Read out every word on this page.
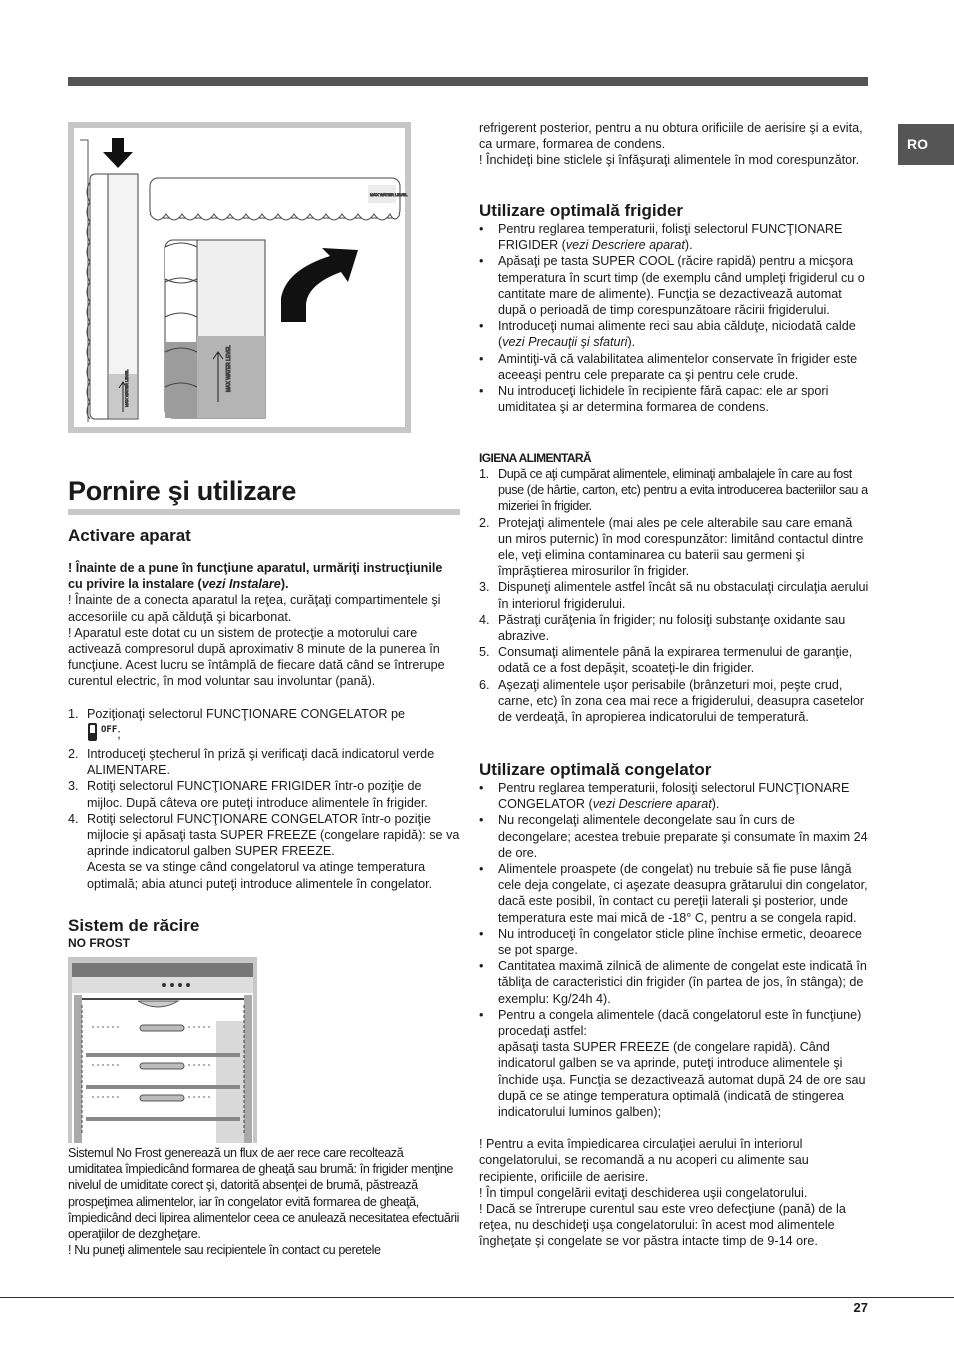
RO
MAX WATER LEVEL
MAX WATER LEVEL
MAX WATER LEVEL
Pornire şi utilizare
Activare aparat

! Înainte de a pune în funcţiune aparatul, urmăriţi instrucţiunile cu privire la instalare (vezi Instalare).

! Înainte de a conecta aparatul la reţea, curăţaţi compartimentele şi accesoriile cu apă călduţă şi bicarbonat.

! Aparatul este dotat cu un sistem de protecţie a motorului care activează compresorul după aproximativ 8 minute de la punerea în funcţiune. Acest lucru se întâmplă de fiecare dată când se întrerupe curentul electric, în mod voluntar sau involuntar (pană).

1. Poziţionaţi selectorul FUNCŢIONARE CONGELATOR pe
$^{OFF}$;
2. Introduceţi ştecherul în priză şi verificaţi dacă indicatorul verde ALIMENTARE.
3. Rotiţi selectorul FUNCŢIONARE FRIGIDER într-o poziţie de mijloc. După câteva ore puteţi introduce alimentele în frigider.
4. Rotiţi selectorul FUNCŢIONARE CONGELATOR într-o poziţie mijlocie şi apăsaţi tasta SUPER FREEZE (congelare rapidă): se va aprinde indicatorul galben SUPER FREEZE.
Acesta se va stinge când congelatorul va atinge temperatura optimală; abia atunci puteţi introduce alimentele în congelator.
Sistem de răcire
NO FROST

Sistemul No Frost generează un flux de aer rece care recoltează umiditatea împiedicând formarea de gheaţă sau brumă: în frigider menţine nivelul de umiditate corect şi, datorită absenţei de brumă, păstrează prospeţimea alimentelor, iar în congelator evită formarea de gheaţă, împiedicând deci lipirea alimentelor ceea ce anulează necesitatea efectuării operaţiilor de dezgheţare.

! Nu puneţi alimentele sau recipientele în contact cu peretele

refrigerent posterior, pentru a nu obtura orificiile de aerisire şi a evita, ca urmare, formarea de condens.

! Închideţi bine sticlele şi înfăşuraţi alimentele în mod corespunzător.

Utilizare optimală frigider
•	Pentru reglarea temperaturii, folisţi selectorul FUNCŢIONARE FRIGIDER (vezi Descriere aparat).
•	Apăsaţi pe tasta SUPER COOL (răcire rapidă) pentru a micşora temperatura în scurt timp (de exemplu când umpleţi frigiderul cu o cantitate mare de alimente). Funcţia se dezactivează automat după o perioadă de timp corespunzătoare răcirii frigiderului.
•	Introduceţi numai alimente reci sau abia călduţe, niciodată calde (vezi Precauţii şi sfaturi).
•	Amintiţi-vă că valabilitatea alimentelor conservate în frigider este aceeaşi pentru cele preparate ca şi pentru cele crude.
•	Nu introduceţi lichidele în recipiente fără capac: ele ar spori umiditatea şi ar determina formarea de condens.
IGIENA ALIMENTARĂ
1. După ce aţi cumpărat alimentele, eliminaţi ambalajele în care au fost puse (de hârtie, carton, etc) pentru a evita introducerea bacteriilor sau a mizeriei în frigider.
2. Protejaţi alimentele (mai ales pe cele alterabile sau care emană un miros puternic) în mod corespunzător: limitând contactul dintre ele, veţi elimina contaminarea cu baterii sau germeni şi împrăştierea mirosurilor în frigider.
3. Dispuneţi alimentele astfel încât să nu obstaculaţi circulaţia aerului în interiorul frigiderului.
4. Păstraţi curăţenia în frigider; nu folosiţi substanţe oxidante sau abrazive.
5. Consumaţi alimentele până la expirarea termenului de garanţie, odată ce a fost depăşit, scoateţi-le din frigider.
6. Aşezaţi alimentele uşor perisabile (brânzeturi moi, peşte crud, carne, etc) în zona cea mai rece a frigiderului, deasupra casetelor de verdeaţă, în apropierea indicatorului de temperatură.
Utilizare optimală congelator
•	Pentru reglarea temperaturii, folosiţi selectorul FUNCŢIONARE CONGELATOR (vezi Descriere aparat).
•	Nu recongelaţi alimentele decongelate sau în curs de decongelare; acestea trebuie preparate şi consumate în maxim 24 de ore.
•	Alimentele proaspete (de congelat) nu trebuie să fie puse lângă cele deja congelate, ci aşezate deasupra grătarului din congelator, dacă este posibil, în contact cu pereţii laterali şi posterior, unde temperatura este mai mică de -18° C, pentru a se congela rapid.
•	Nu introduceţi în congelator sticle pline închise ermetic, deoarece se pot sparge.
•	Cantitatea maximă zilnică de alimente de congelat este indicată în tăbliţa de caracteristici din frigider (în partea de jos, în stânga); de exemplu: Kg/24h 4).
•	Pentru a congela alimentele (dacă congelatorul este în funcţiune) procedaţi astfel:
apăsaţi tasta SUPER FREEZE (de congelare rapidă). Când indicatorul galben se va aprinde, puteţi introduce alimentele şi închide uşa. Funcţia se dezactivează automat după 24 de ore sau după ce se atinge temperatura optimală (indicată de stingerea indicatorului luminos galben);

! Pentru a evita împiedicarea circulaţiei aerului în interiorul congelatorului, se recomandă a nu acoperi cu alimente sau recipiente, orificiile de aerisire.

! În timpul congelării evitaţi deschiderea uşii congelatorului.

! Dacă se întrerupe curentul sau este vreo defecţiune (pană) de la reţea, nu deschideţi uşa congelatorului: în acest mod alimentele îngheţate şi congelate se vor păstra intacte timp de 9-14 ore.

27
